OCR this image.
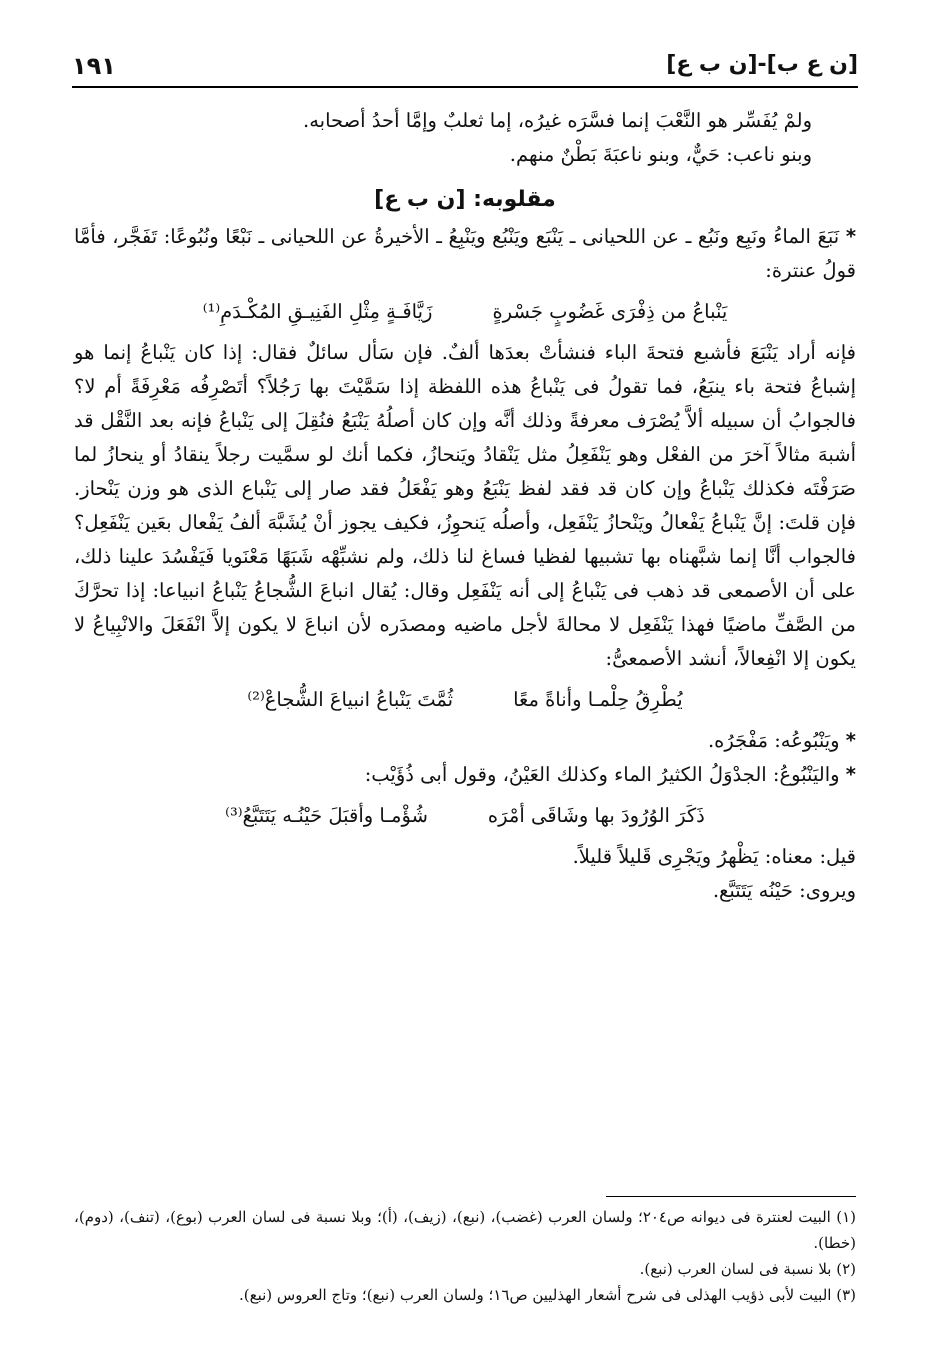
[ن ع ب]-[ن ب ع]
١٩١

ولمْ يُفَسِّر هو النَّعْبَ إنما فسَّرَه غيرُه، إما ثعلبٌ وإمَّا أحدُ أصحابه.

وبنو ناعب: حَيٌّ، وبنو ناعبَةَ بَطْنٌ منهم.

مقلوبه: [ن ب ع]

* نَبَعَ الماءُ ونَبِع ونَبُع ـ عن اللحيانى ـ يَنْبَع ويَنْبُع ويَنْبِعُ ـ الأخيرةُ عن اللحيانى ـ نَبْعًا ونُبُوعًا: تَفَجَّر، فأمَّا قولُ عنترة:

يَنْباعُ من ذِفْرَى غَضُوبٍ جَسْرةٍ
زَيَّافَـةٍ مِثْلِ الفَنِيـقِ المُكْـدَمِ⁽¹⁾

فإنه أراد يَنْبَعَ فأشبع فتحةَ الباء فنشأتْ بعدَها ألفٌ. فإن سَأل سائلٌ فقال: إذا كان يَنْباعُ إنما هو إشباعُ فتحة باء ينبَعُ، فما تقولُ فى يَنْباعُ هذه اللفظة إذا سَمَّيْتَ بها رَجُلاً؟ أتَصْرِفُه مَعْرِفَةً أم لا؟ فالجوابُ أن سبيله ألاَّ يُصْرَف معرفةً وذلك أنَّه وإن كان أصلُهُ يَنْبَعُ فنُقِلَ إلى يَنْباعُ فإنه بعد النَّقْل قد أشبهَ مثالاً آخرَ من الفعْل وهو يَنْفَعِلُ مثل يَنْقادُ ويَنحازُ، فكما أنك لو سمَّيت رجلاً ينقادُ أو ينحازُ لما صَرَفْتَه فكذلك يَنْباعُ وإن كان قد فقد لفظ يَنْبَعُ وهو يَفْعَلُ فقد صار إلى يَنْباع الذى هو وزن يَنْحاز. فإن قلتَ: إنَّ يَنْباعُ يَفْعالُ ويَنْحازُ يَنْفَعِل، وأصلُه يَنحوِزُ، فكيف يجوز أنْ يُشَبَّهَ ألفُ يَفْعال بعَين يَنْفَعِل؟ فالجواب أنَّا إنما شبَّهناه بها تشبيها لفظيا فساغ لنا ذلك، ولم نشبِّهْه شَبَهًا مَعْنَويا فَيَفْسُدَ علينا ذلك، على أن الأصمعى قد ذهب فى يَنْباعُ إلى أنه يَنْفَعِل وقال: يُقال انباعَ الشُّجاعُ يَنْباعُ انبياعا: إذا تحرَّكَ من الصَّفِّ ماضيًا فهذا يَنْفَعِل لا محالةَ لأجل ماضيه ومصدَره لأن انباعَ لا يكون إلاَّ انْفَعَلَ والانْبِياعُ لا يكون إلا انْفِعالاً، أنشد الأصمعىُّ:

يُطْرِقُ حِلْمـا وأناةً معًا
ثُمَّتَ يَنْباعُ انبياعَ الشُّجاعْ⁽²⁾

* ويَنْبُوعُه: مَفْجَرُه.

* واليَنْبُوعُ: الجدْوَلُ الكثيرُ الماء وكذلك العَيْنُ، وقول أبى ذُؤَيْب:

ذَكَرَ الوُرُودَ بها وشَاقَى أمْرَه
شُؤْمـا وأقبَلَ حَيْنُـه يَتَتَبَّعُ⁽³⁾

قيل: معناه: يَظْهرُ ويَجْرِى قَليلاً قليلاً.

ويروى: حَيْنُه يَتَتَبَّع.

(١) البيت لعنترة فى ديوانه ص٢٠٤؛ ولسان العرب (غضب)، (نبع)، (زيف)، (أ)؛ وبلا نسبة فى لسان العرب (بوع)، (تنف)، (دوم)، (خطا).

(٢) بلا نسبة فى لسان العرب (نبع).

(٣) البيت لأبى ذؤيب الهذلى فى شرح أشعار الهذليين ص١٦؛ ولسان العرب (نبع)؛ وتاج العروس (نبع).
